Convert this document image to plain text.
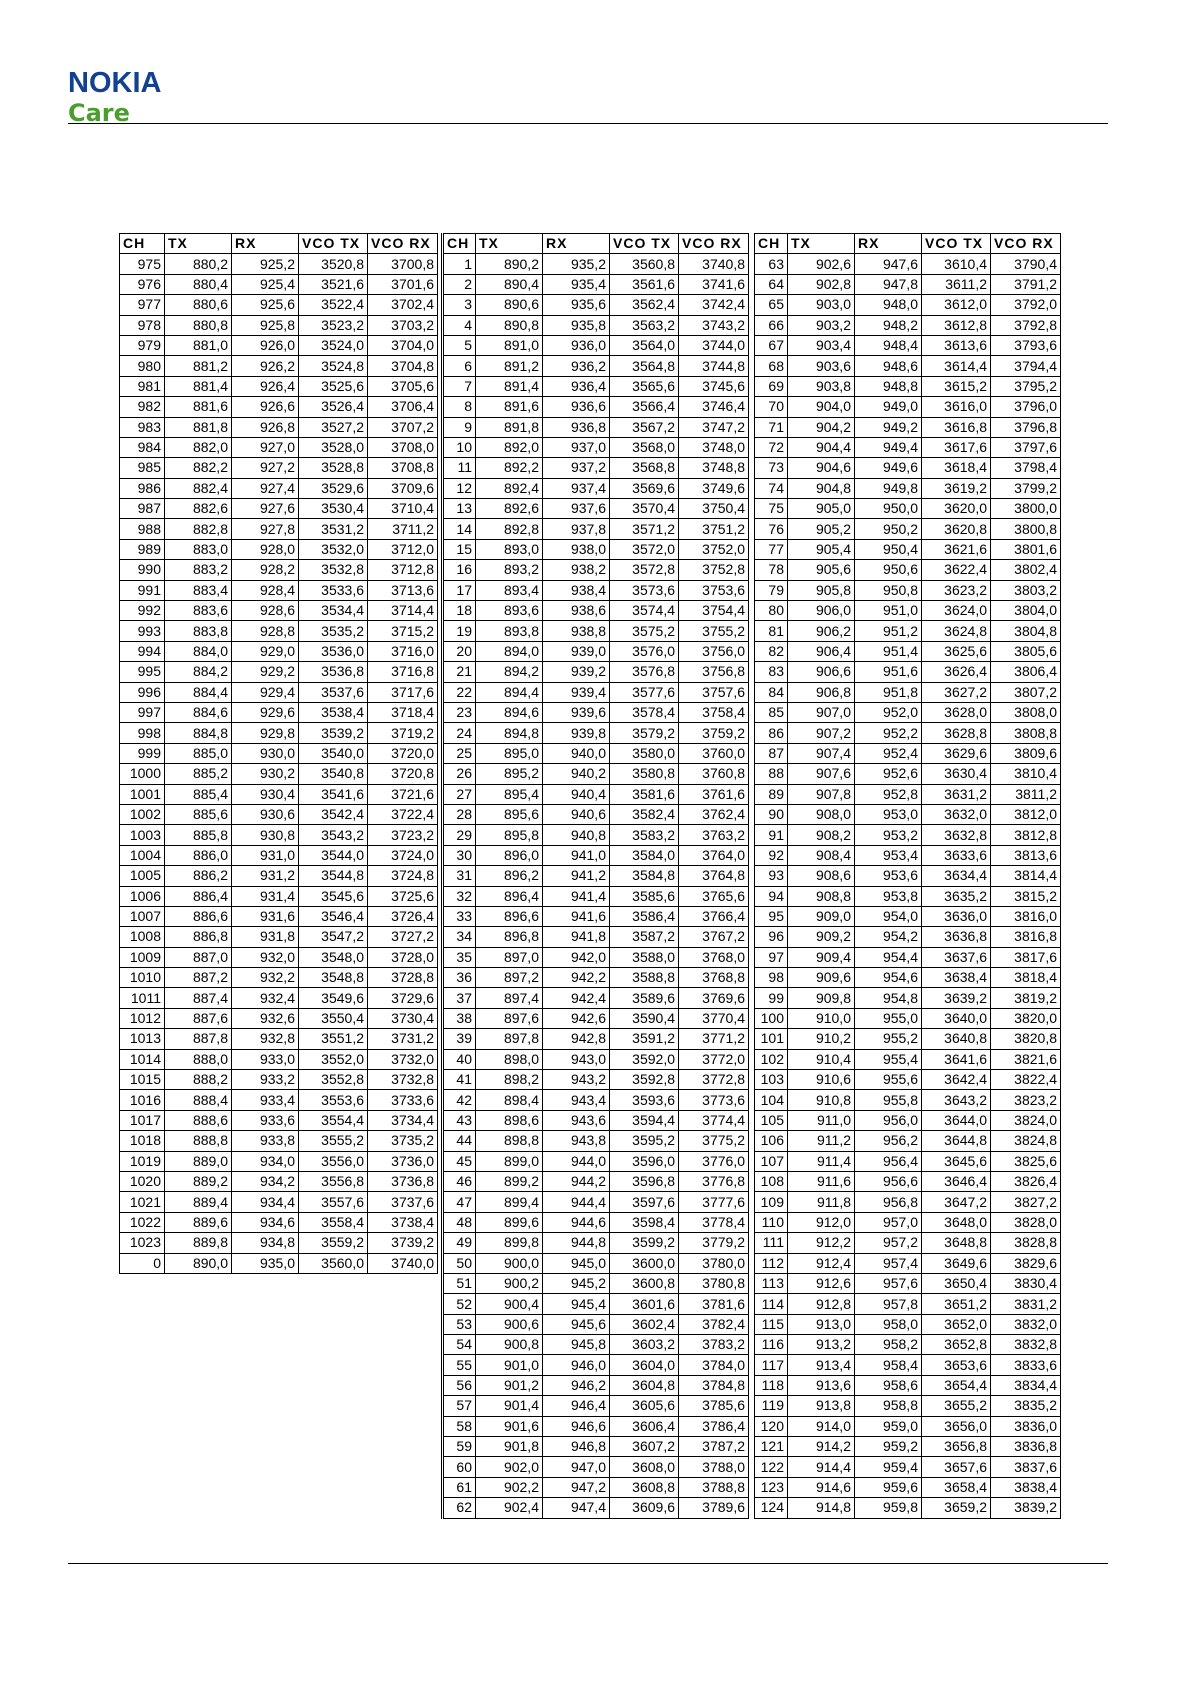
NOKIA
Care
CH	TX	RX	VCO TX	VCO RX
975	880,2	925,2	3520,8	3700,8
976	880,4	925,4	3521,6	3701,6
977	880,6	925,6	3522,4	3702,4
978	880,8	925,8	3523,2	3703,2
979	881,0	926,0	3524,0	3704,0
980	881,2	926,2	3524,8	3704,8
981	881,4	926,4	3525,6	3705,6
982	881,6	926,6	3526,4	3706,4
983	881,8	926,8	3527,2	3707,2
984	882,0	927,0	3528,0	3708,0
985	882,2	927,2	3528,8	3708,8
986	882,4	927,4	3529,6	3709,6
987	882,6	927,6	3530,4	3710,4
988	882,8	927,8	3531,2	3711,2
989	883,0	928,0	3532,0	3712,0
990	883,2	928,2	3532,8	3712,8
991	883,4	928,4	3533,6	3713,6
992	883,6	928,6	3534,4	3714,4
993	883,8	928,8	3535,2	3715,2
994	884,0	929,0	3536,0	3716,0
995	884,2	929,2	3536,8	3716,8
996	884,4	929,4	3537,6	3717,6
997	884,6	929,6	3538,4	3718,4
998	884,8	929,8	3539,2	3719,2
999	885,0	930,0	3540,0	3720,0
1000	885,2	930,2	3540,8	3720,8
1001	885,4	930,4	3541,6	3721,6
1002	885,6	930,6	3542,4	3722,4
1003	885,8	930,8	3543,2	3723,2
1004	886,0	931,0	3544,0	3724,0
1005	886,2	931,2	3544,8	3724,8
1006	886,4	931,4	3545,6	3725,6
1007	886,6	931,6	3546,4	3726,4
1008	886,8	931,8	3547,2	3727,2
1009	887,0	932,0	3548,0	3728,0
1010	887,2	932,2	3548,8	3728,8
1011	887,4	932,4	3549,6	3729,6
1012	887,6	932,6	3550,4	3730,4
1013	887,8	932,8	3551,2	3731,2
1014	888,0	933,0	3552,0	3732,0
1015	888,2	933,2	3552,8	3732,8
1016	888,4	933,4	3553,6	3733,6
1017	888,6	933,6	3554,4	3734,4
1018	888,8	933,8	3555,2	3735,2
1019	889,0	934,0	3556,0	3736,0
1020	889,2	934,2	3556,8	3736,8
1021	889,4	934,4	3557,6	3737,6
1022	889,6	934,6	3558,4	3738,4
1023	889,8	934,8	3559,2	3739,2
0	890,0	935,0	3560,0	3740,0
CH	TX	RX	VCO TX	VCO RX
1	890,2	935,2	3560,8	3740,8
2	890,4	935,4	3561,6	3741,6
3	890,6	935,6	3562,4	3742,4
4	890,8	935,8	3563,2	3743,2
5	891,0	936,0	3564,0	3744,0
6	891,2	936,2	3564,8	3744,8
7	891,4	936,4	3565,6	3745,6
8	891,6	936,6	3566,4	3746,4
9	891,8	936,8	3567,2	3747,2
10	892,0	937,0	3568,0	3748,0
11	892,2	937,2	3568,8	3748,8
12	892,4	937,4	3569,6	3749,6
13	892,6	937,6	3570,4	3750,4
14	892,8	937,8	3571,2	3751,2
15	893,0	938,0	3572,0	3752,0
16	893,2	938,2	3572,8	3752,8
17	893,4	938,4	3573,6	3753,6
18	893,6	938,6	3574,4	3754,4
19	893,8	938,8	3575,2	3755,2
20	894,0	939,0	3576,0	3756,0
21	894,2	939,2	3576,8	3756,8
22	894,4	939,4	3577,6	3757,6
23	894,6	939,6	3578,4	3758,4
24	894,8	939,8	3579,2	3759,2
25	895,0	940,0	3580,0	3760,0
26	895,2	940,2	3580,8	3760,8
27	895,4	940,4	3581,6	3761,6
28	895,6	940,6	3582,4	3762,4
29	895,8	940,8	3583,2	3763,2
30	896,0	941,0	3584,0	3764,0
31	896,2	941,2	3584,8	3764,8
32	896,4	941,4	3585,6	3765,6
33	896,6	941,6	3586,4	3766,4
34	896,8	941,8	3587,2	3767,2
35	897,0	942,0	3588,0	3768,0
36	897,2	942,2	3588,8	3768,8
37	897,4	942,4	3589,6	3769,6
38	897,6	942,6	3590,4	3770,4
39	897,8	942,8	3591,2	3771,2
40	898,0	943,0	3592,0	3772,0
41	898,2	943,2	3592,8	3772,8
42	898,4	943,4	3593,6	3773,6
43	898,6	943,6	3594,4	3774,4
44	898,8	943,8	3595,2	3775,2
45	899,0	944,0	3596,0	3776,0
46	899,2	944,2	3596,8	3776,8
47	899,4	944,4	3597,6	3777,6
48	899,6	944,6	3598,4	3778,4
49	899,8	944,8	3599,2	3779,2
50	900,0	945,0	3600,0	3780,0
51	900,2	945,2	3600,8	3780,8
52	900,4	945,4	3601,6	3781,6
53	900,6	945,6	3602,4	3782,4
54	900,8	945,8	3603,2	3783,2
55	901,0	946,0	3604,0	3784,0
56	901,2	946,2	3604,8	3784,8
57	901,4	946,4	3605,6	3785,6
58	901,6	946,6	3606,4	3786,4
59	901,8	946,8	3607,2	3787,2
60	902,0	947,0	3608,0	3788,0
61	902,2	947,2	3608,8	3788,8
62	902,4	947,4	3609,6	3789,6
CH	TX	RX	VCO TX	VCO RX
63	902,6	947,6	3610,4	3790,4
64	902,8	947,8	3611,2	3791,2
65	903,0	948,0	3612,0	3792,0
66	903,2	948,2	3612,8	3792,8
67	903,4	948,4	3613,6	3793,6
68	903,6	948,6	3614,4	3794,4
69	903,8	948,8	3615,2	3795,2
70	904,0	949,0	3616,0	3796,0
71	904,2	949,2	3616,8	3796,8
72	904,4	949,4	3617,6	3797,6
73	904,6	949,6	3618,4	3798,4
74	904,8	949,8	3619,2	3799,2
75	905,0	950,0	3620,0	3800,0
76	905,2	950,2	3620,8	3800,8
77	905,4	950,4	3621,6	3801,6
78	905,6	950,6	3622,4	3802,4
79	905,8	950,8	3623,2	3803,2
80	906,0	951,0	3624,0	3804,0
81	906,2	951,2	3624,8	3804,8
82	906,4	951,4	3625,6	3805,6
83	906,6	951,6	3626,4	3806,4
84	906,8	951,8	3627,2	3807,2
85	907,0	952,0	3628,0	3808,0
86	907,2	952,2	3628,8	3808,8
87	907,4	952,4	3629,6	3809,6
88	907,6	952,6	3630,4	3810,4
89	907,8	952,8	3631,2	3811,2
90	908,0	953,0	3632,0	3812,0
91	908,2	953,2	3632,8	3812,8
92	908,4	953,4	3633,6	3813,6
93	908,6	953,6	3634,4	3814,4
94	908,8	953,8	3635,2	3815,2
95	909,0	954,0	3636,0	3816,0
96	909,2	954,2	3636,8	3816,8
97	909,4	954,4	3637,6	3817,6
98	909,6	954,6	3638,4	3818,4
99	909,8	954,8	3639,2	3819,2
100	910,0	955,0	3640,0	3820,0
101	910,2	955,2	3640,8	3820,8
102	910,4	955,4	3641,6	3821,6
103	910,6	955,6	3642,4	3822,4
104	910,8	955,8	3643,2	3823,2
105	911,0	956,0	3644,0	3824,0
106	911,2	956,2	3644,8	3824,8
107	911,4	956,4	3645,6	3825,6
108	911,6	956,6	3646,4	3826,4
109	911,8	956,8	3647,2	3827,2
110	912,0	957,0	3648,0	3828,0
111	912,2	957,2	3648,8	3828,8
112	912,4	957,4	3649,6	3829,6
113	912,6	957,6	3650,4	3830,4
114	912,8	957,8	3651,2	3831,2
115	913,0	958,0	3652,0	3832,0
116	913,2	958,2	3652,8	3832,8
117	913,4	958,4	3653,6	3833,6
118	913,6	958,6	3654,4	3834,4
119	913,8	958,8	3655,2	3835,2
120	914,0	959,0	3656,0	3836,0
121	914,2	959,2	3656,8	3836,8
122	914,4	959,4	3657,6	3837,6
123	914,6	959,6	3658,4	3838,4
124	914,8	959,8	3659,2	3839,2
